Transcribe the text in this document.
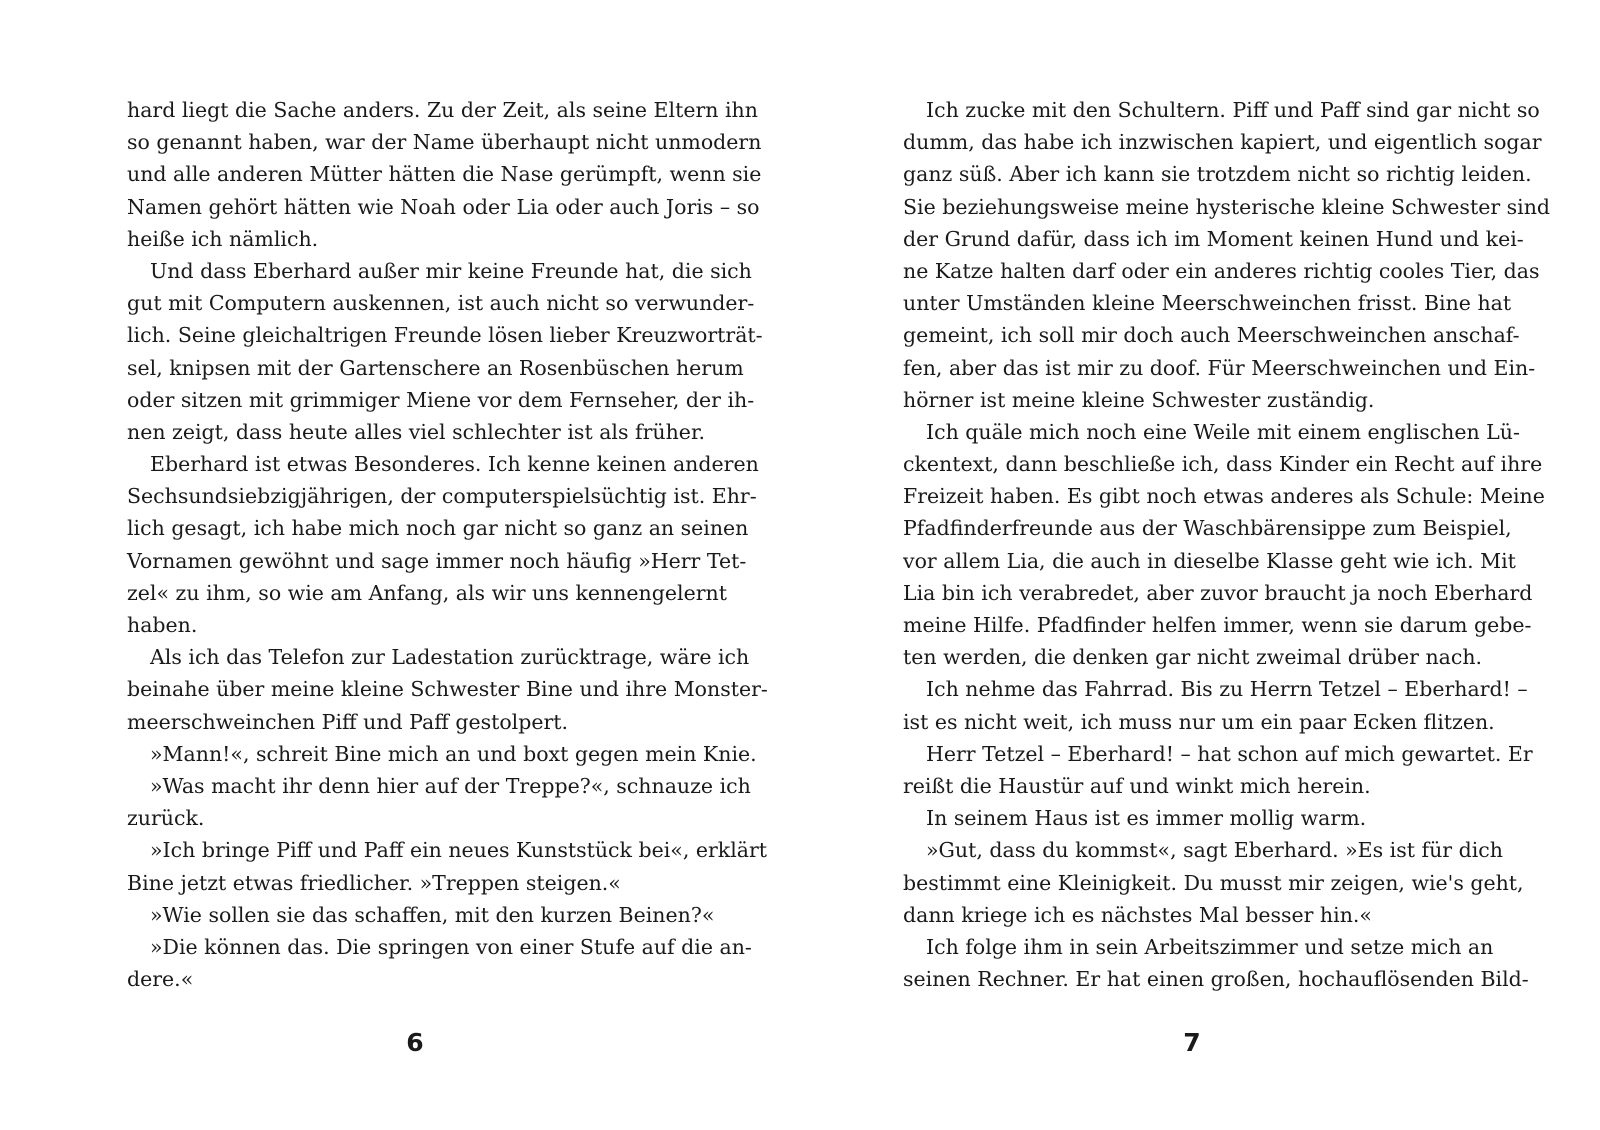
hard liegt die Sache anders. Zu der Zeit, als seine Eltern ihn
so genannt haben, war der Name überhaupt nicht unmodern
und alle anderen Mütter hätten die Nase gerümpft, wenn sie
Namen gehört hätten wie Noah oder Lia oder auch Joris – so
heiße ich nämlich.
Und dass Eberhard außer mir keine Freunde hat, die sich
gut mit Computern auskennen, ist auch nicht so verwunder-
lich. Seine gleichaltrigen Freunde lösen lieber Kreuzworträt-
sel, knipsen mit der Gartenschere an Rosenbüschen herum
oder sitzen mit grimmiger Miene vor dem Fernseher, der ih-
nen zeigt, dass heute alles viel schlechter ist als früher.
Eberhard ist etwas Besonderes. Ich kenne keinen anderen
Sechsundsiebzigjährigen, der computerspielsüchtig ist. Ehr-
lich gesagt, ich habe mich noch gar nicht so ganz an seinen
Vornamen gewöhnt und sage immer noch häufig »Herr Tet-
zel« zu ihm, so wie am Anfang, als wir uns kennengelernt
haben.
Als ich das Telefon zur Ladestation zurücktrage, wäre ich
beinahe über meine kleine Schwester Bine und ihre Monster-
meerschweinchen Piff und Paff gestolpert.
»Mann!«, schreit Bine mich an und boxt gegen mein Knie.
»Was macht ihr denn hier auf der Treppe?«, schnauze ich
zurück.
»Ich bringe Piff und Paff ein neues Kunststück bei«, erklärt
Bine jetzt etwas friedlicher. »Treppen steigen.«
»Wie sollen sie das schaffen, mit den kurzen Beinen?«
»Die können das. Die springen von einer Stufe auf die an-
dere.«
6
Ich zucke mit den Schultern. Piff und Paff sind gar nicht so
dumm, das habe ich inzwischen kapiert, und eigentlich sogar
ganz süß. Aber ich kann sie trotzdem nicht so richtig leiden.
Sie beziehungsweise meine hysterische kleine Schwester sind
der Grund dafür, dass ich im Moment keinen Hund und kei-
ne Katze halten darf oder ein anderes richtig cooles Tier, das
unter Umständen kleine Meerschweinchen frisst. Bine hat
gemeint, ich soll mir doch auch Meerschweinchen anschaf-
fen, aber das ist mir zu doof. Für Meerschweinchen und Ein-
hörner ist meine kleine Schwester zuständig.
Ich quäle mich noch eine Weile mit einem englischen Lü-
ckentext, dann beschließe ich, dass Kinder ein Recht auf ihre
Freizeit haben. Es gibt noch etwas anderes als Schule: Meine
Pfadfinderfreunde aus der Waschbärensippe zum Beispiel,
vor allem Lia, die auch in dieselbe Klasse geht wie ich. Mit
Lia bin ich verabredet, aber zuvor braucht ja noch Eberhard
meine Hilfe. Pfadfinder helfen immer, wenn sie darum gebe-
ten werden, die denken gar nicht zweimal drüber nach.
Ich nehme das Fahrrad. Bis zu Herrn Tetzel – Eberhard! –
ist es nicht weit, ich muss nur um ein paar Ecken flitzen.
Herr Tetzel – Eberhard! – hat schon auf mich gewartet. Er
reißt die Haustür auf und winkt mich herein.
In seinem Haus ist es immer mollig warm.
»Gut, dass du kommst«, sagt Eberhard. »Es ist für dich
bestimmt eine Kleinigkeit. Du musst mir zeigen, wie's geht,
dann kriege ich es nächstes Mal besser hin.«
Ich folge ihm in sein Arbeitszimmer und setze mich an
seinen Rechner. Er hat einen großen, hochauflösenden Bild-
7
